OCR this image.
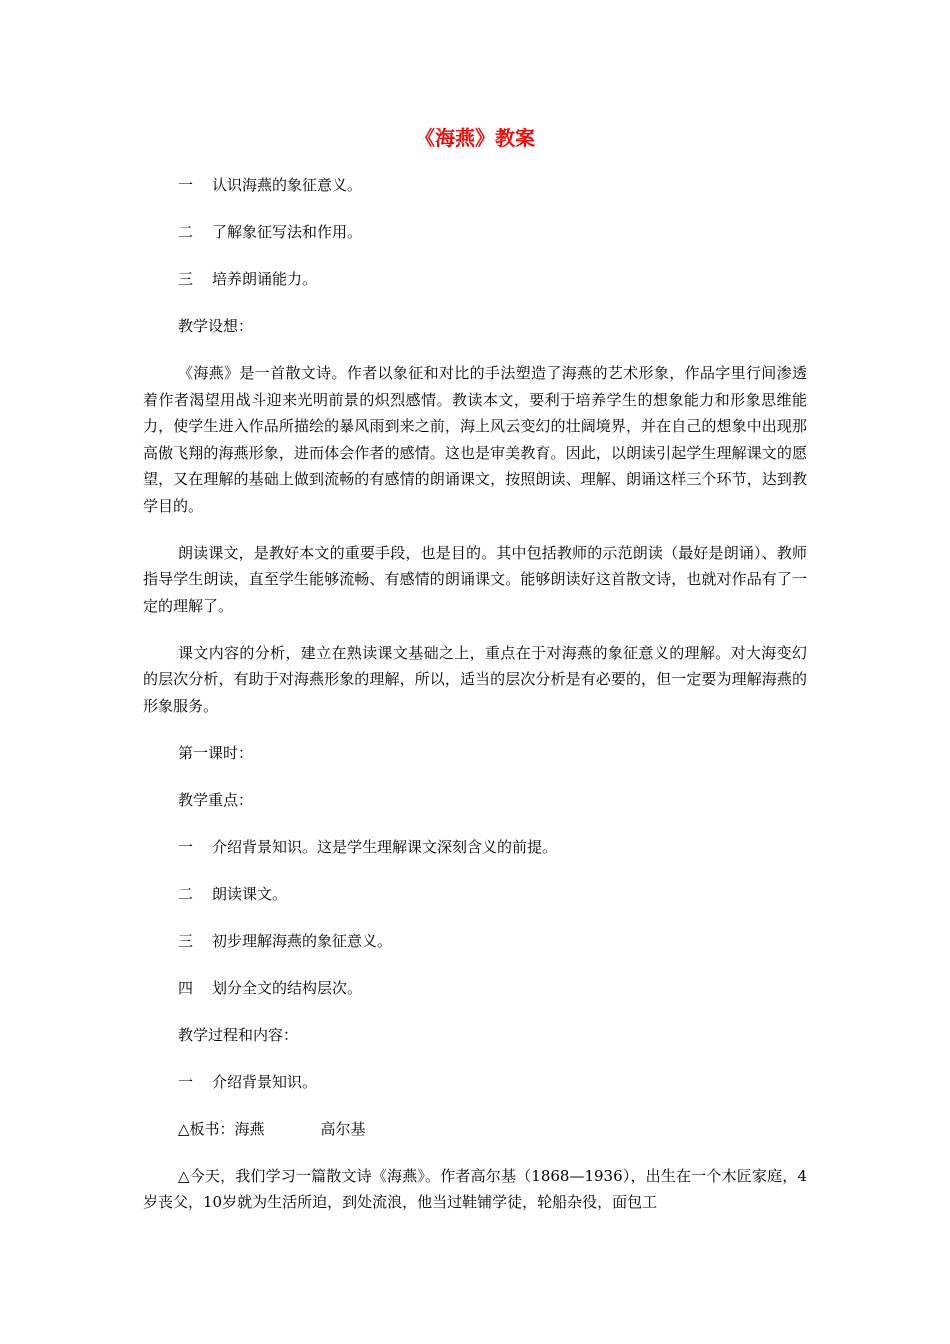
《海燕》教案
一 认识海燕的象征意义。
二 了解象征写法和作用。
三 培养朗诵能力。
教学设想：

《海燕》是一首散文诗。作者以象征和对比的手法塑造了海燕的艺术形象，作品字里行间渗透着作者渴望用战斗迎来光明前景的炽烈感情。教读本文，要利于培养学生的想象能力和形象思维能力，使学生进入作品所描绘的暴风雨到来之前，海上风云变幻的壮阔境界，并在自己的想象中出现那高傲飞翔的海燕形象，进而体会作者的感情。这也是审美教育。因此，以朗读引起学生理解课文的愿望，又在理解的基础上做到流畅的有感情的朗诵课文，按照朗读、理解、朗诵这样三个环节，达到教学目的。

朗读课文，是教好本文的重要手段，也是目的。其中包括教师的示范朗读（最好是朗诵）、教师指导学生朗读，直至学生能够流畅、有感情的朗诵课文。能够朗读好这首散文诗，也就对作品有了一定的理解了。

课文内容的分析，建立在熟读课文基础之上，重点在于对海燕的象征意义的理解。对大海变幻的层次分析，有助于对海燕形象的理解，所以，适当的层次分析是有必要的，但一定要为理解海燕的形象服务。

第一课时：
教学重点：
一 介绍背景知识。这是学生理解课文深刻含义的前提。
二 朗读课文。
三 初步理解海燕的象征意义。
四 划分全文的结构层次。
教学过程和内容：
一 介绍背景知识。
△板书：海燕	高尔基

△今天，我们学习一篇散文诗《海燕》。作者高尔基（1868—1936），出生在一个木匠家庭，4岁丧父，10岁就为生活所迫，到处流浪，他当过鞋铺学徒，轮船杂役，面包工
